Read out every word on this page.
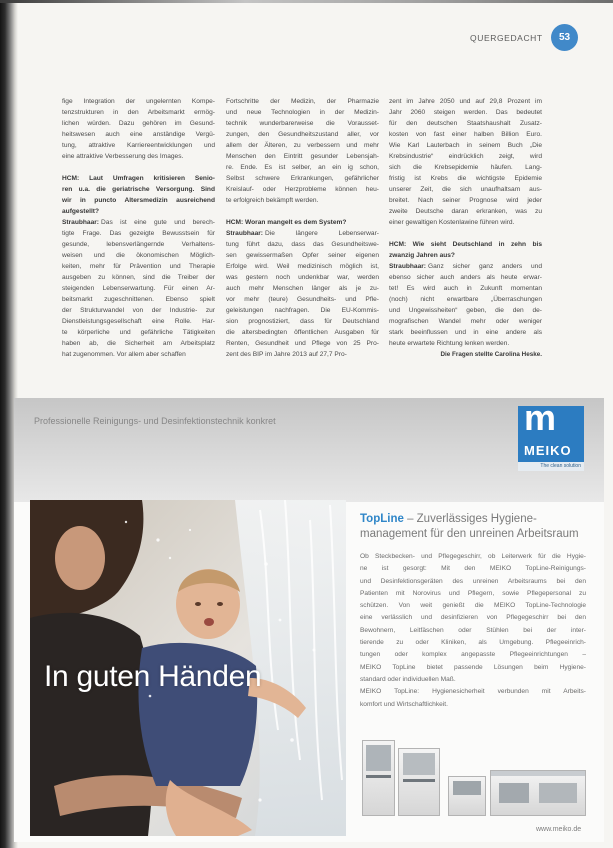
QUERGEDACHT	53
fige Integration der ungelernten Kompe-
tenzstrukturen in den Arbeitsmarkt ermög-
lichen würden. Dazu gehören im Gesund-
heitswesen auch eine anständige Vergü-
tung, attraktive Karriereentwicklungen und
eine attraktive Verbesserung des Images.
HCM: Laut Umfragen kritisieren Senio-
ren u.a. die geriatrische Versorgung. Sind
wir in puncto Altersmedizin ausreichend
aufgestellt?
Straubhaar: Das ist eine gute und berech-
tigte Frage. Das gezeigte Bewusstsein für
gesunde, lebensverlängernde Verhaltens-
weisen und die ökonomischen Möglich-
keiten, mehr für Prävention und Therapie
ausgeben zu können, sind die Treiber der
steigenden Lebenserwartung. Für einen Ar-
beitsmarkt zugeschnittenen. Ebenso spielt
der Strukturwandel von der Industrie- zur
Dienstleistungsgesellschaft eine Rolle. Har-
te körperliche und gefährliche Tätigkeiten
haben ab, die Sicherheit am Arbeitsplatz
hat zugenommen. Vor allem aber schaffen
Fortschritte der Medizin, der Pharmazie
und neue Technologien in der Medizin-
technik wunderbarerweise die Vorausset-
zungen, den Gesundheitszustand aller, vor
allem der Älteren, zu verbessern und mehr
Menschen den Eintritt gesunder Lebensjah-
re. Ende. Es ist selber, an ein ig schon,
Selbst schwere Erkrankungen, gefährlicher
Kreislauf- oder Herzprobleme können heu-
te erfolgreich bekämpft werden.
HCM: Woran mangelt es dem System?
Straubhaar: Die längere Lebenserwar-
tung führt dazu, dass das Gesundheitswe-
sen gewissermaßen Opfer seiner eigenen
Erfolge wird. Weil medizinisch möglich ist,
was gestern noch undenkbar war, werden
auch mehr Menschen länger als je zu-
vor mehr (teure) Gesundheits- und Pfle-
geleistungen nachfragen. Die EU-Kommis-
sion prognostiziert, dass für Deutschland
die altersbedingten öffentlichen Ausgaben für
Renten, Gesundheit und Pflege von 25 Pro-
zent des BIP im Jahre 2013 auf 27,7 Pro-
zent im Jahre 2050 und auf 29,8 Prozent im
Jahr 2060 steigen werden. Das bedeutet
für den deutschen Staatshaushalt Zusatz-
kosten von fast einer halben Billion Euro.
Wie Karl Lauterbach in seinem Buch „Die
Krebsindustrie“ eindrücklich zeigt, wird
sich die Krebsepidemie häufen. Lang-
fristig ist Krebs die wichtigste Epidemie
unserer Zeit, die sich unaufhaltsam aus-
breitet. Nach seiner Prognose wird jeder
zweite Deutsche daran erkranken, was zu
einer gewaltigen Kostenlawine führen wird.
HCM: Wie sieht Deutschland in zehn bis
zwanzig Jahren aus?
Straubhaar: Ganz sicher ganz anders und
ebenso sicher auch anders als heute erwar-
tet! Es wird auch in Zukunft momentan
(noch) nicht erwartbare „Überraschungen
und Ungewissheiten“ geben, die den de-
mografischen Wandel mehr oder weniger
stark beeinflussen und in eine andere als
heute erwartete Richtung lenken werden.
Die Fragen stellte Carolina Heske.
Professionelle Reinigungs- und Desinfektionstechnik konkret	m
MEIKO
The clean solution
In guten Händen
TopLine – Zuverlässiges Hygiene-
management für den unreinen Arbeitsraum
Ob Steckbecken- und Pflegegeschirr, ob Leiterwerk für die Hygie-
ne ist gesorgt: Mit den MEIKO TopLine-Reinigungs-
und Desinfektionsgeräten des unreinen Arbeitsraums bei den
Patienten mit Norovirus und Pflegern, sowie Pflegepersonal zu
schützen. Von weit genießt die MEIKO TopLine-Technologie
eine verlässlich und desinfizieren von Pflegegeschirr bei den
Bewohnern, Leitfäschen oder Stühlen bei der inter-
tierende zu oder Kliniken, als Umgebung. Pflegeeinrich-
tungen oder komplex angepasste Pflegeeinrichtungen –
MEIKO TopLine bietet passende Lösungen beim Hygiene-
standard oder individuellen Maß.
MEIKO TopLine: Hygienesicherheit verbunden mit Arbeits-
komfort und Wirtschaftlichkeit.
www.meiko.de
